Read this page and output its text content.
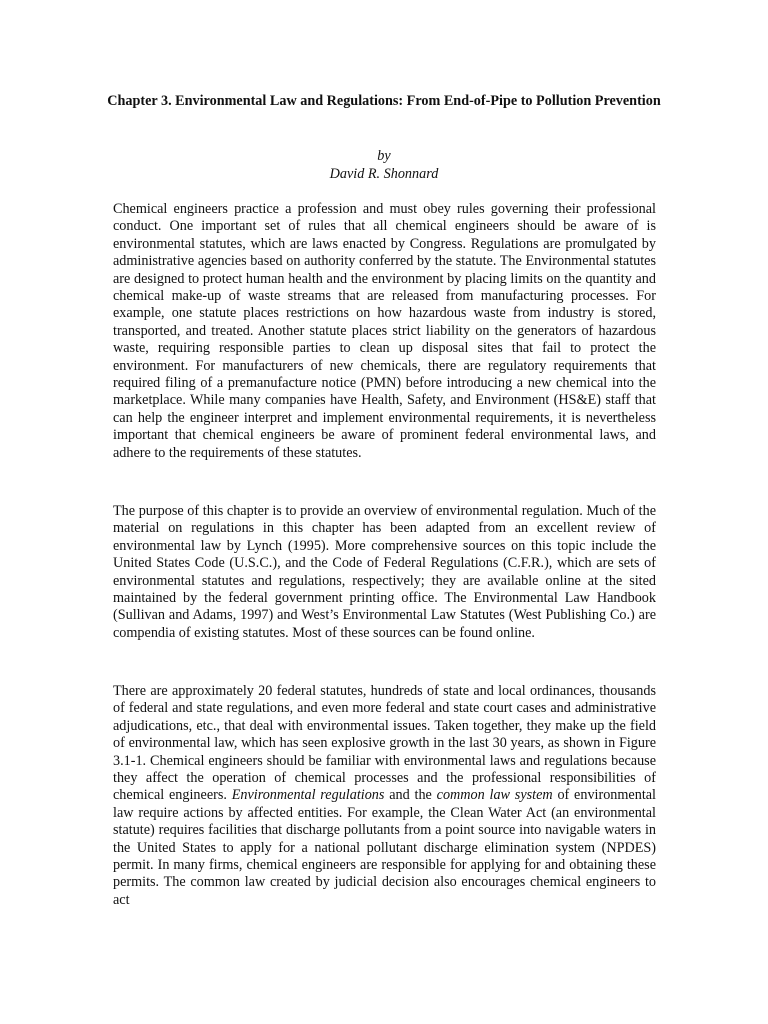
Chapter 3. Environmental Law and Regulations: From End-of-Pipe to Pollution Prevention
by
David R. Shonnard

Chemical engineers practice a profession and must obey rules governing their professional conduct. One important set of rules that all chemical engineers should be aware of is environmental statutes, which are laws enacted by Congress. Regulations are promulgated by administrative agencies based on authority conferred by the statute. The Environmental statutes are designed to protect human health and the environment by placing limits on the quantity and chemical make-up of waste streams that are released from manufacturing processes. For example, one statute places restrictions on how hazardous waste from industry is stored, transported, and treated. Another statute places strict liability on the generators of hazardous waste, requiring responsible parties to clean up disposal sites that fail to protect the environment. For manufacturers of new chemicals, there are regulatory requirements that required filing of a premanufacture notice (PMN) before introducing a new chemical into the marketplace. While many companies have Health, Safety, and Environment (HS&E) staff that can help the engineer interpret and implement environmental requirements, it is nevertheless important that chemical engineers be aware of prominent federal environmental laws, and adhere to the requirements of these statutes.

The purpose of this chapter is to provide an overview of environmental regulation. Much of the material on regulations in this chapter has been adapted from an excellent review of environmental law by Lynch (1995). More comprehensive sources on this topic include the United States Code (U.S.C.), and the Code of Federal Regulations (C.F.R.), which are sets of environmental statutes and regulations, respectively; they are available online at the sited maintained by the federal government printing office. The Environmental Law Handbook (Sullivan and Adams, 1997) and West’s Environmental Law Statutes (West Publishing Co.) are compendia of existing statutes. Most of these sources can be found online.

There are approximately 20 federal statutes, hundreds of state and local ordinances, thousands of federal and state regulations, and even more federal and state court cases and administrative adjudications, etc., that deal with environmental issues. Taken together, they make up the field of environmental law, which has seen explosive growth in the last 30 years, as shown in Figure 3.1-1. Chemical engineers should be familiar with environmental laws and regulations because they affect the operation of chemical processes and the professional responsibilities of chemical engineers. Environmental regulations and the common law system of environmental law require actions by affected entities. For example, the Clean Water Act (an environmental statute) requires facilities that discharge pollutants from a point source into navigable waters in the United States to apply for a national pollutant discharge elimination system (NPDES) permit. In many firms, chemical engineers are responsible for applying for and obtaining these permits. The common law created by judicial decision also encourages chemical engineers to act
